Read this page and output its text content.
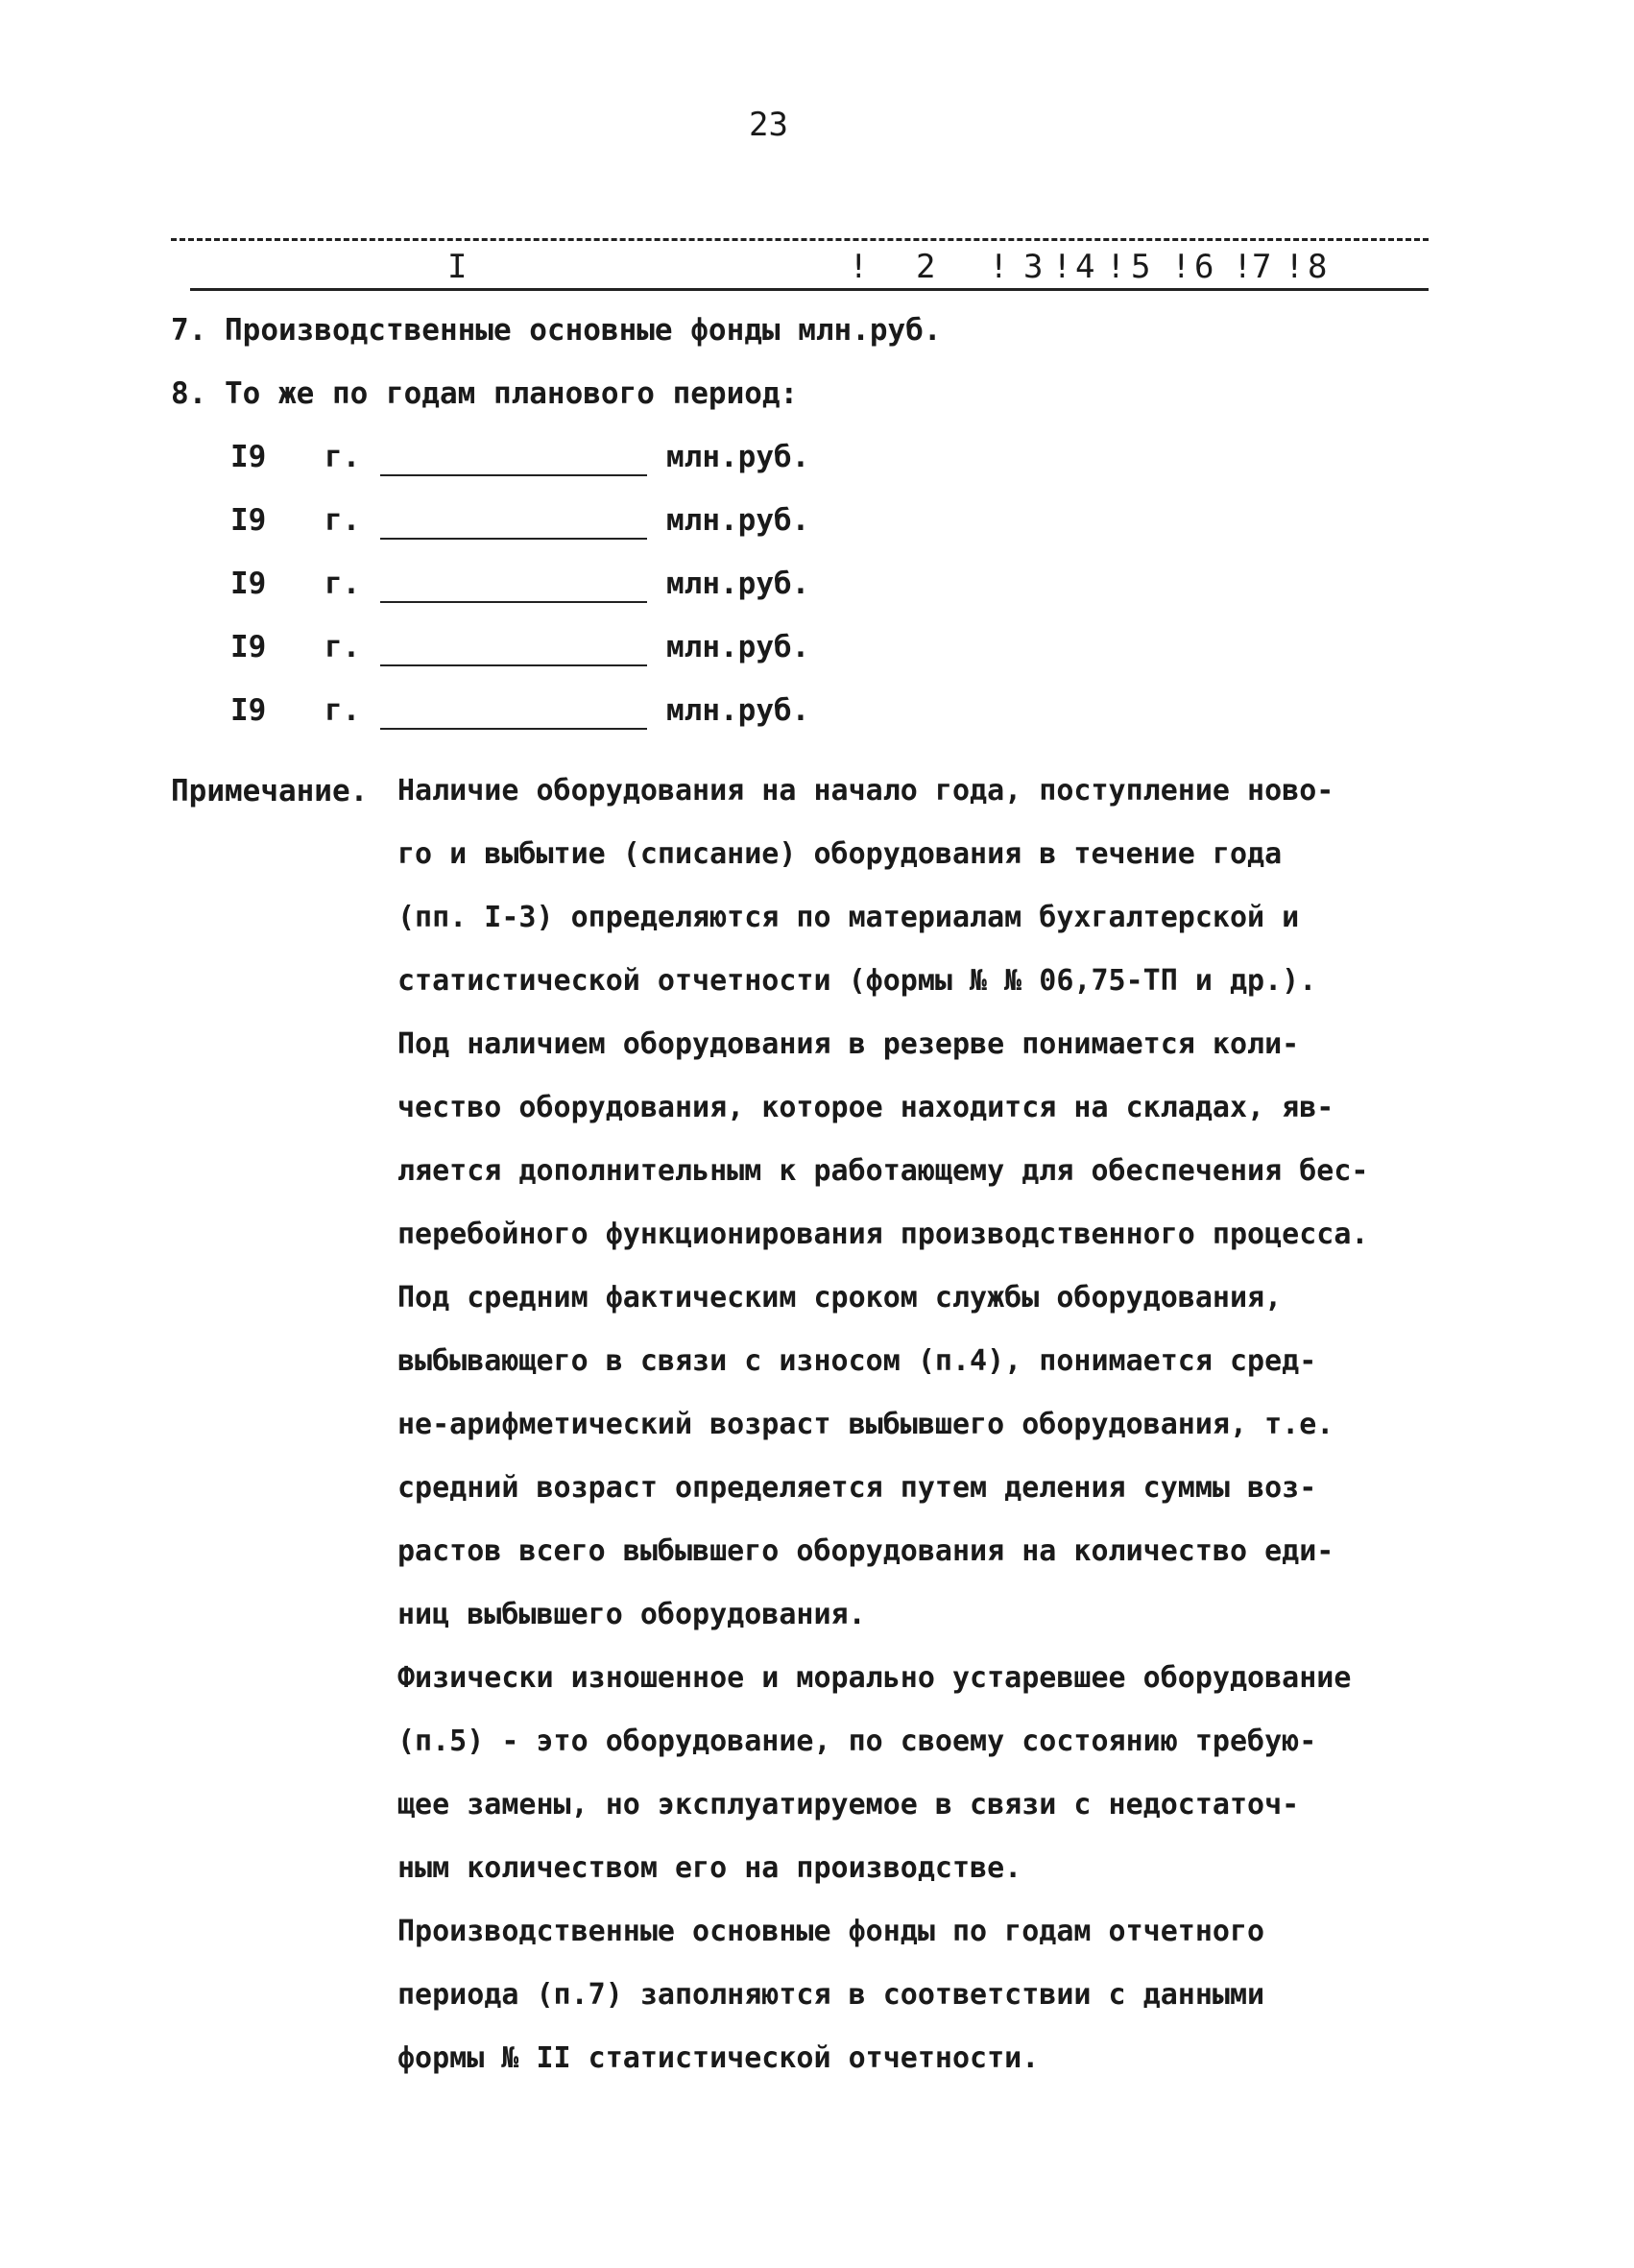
23
I	! 2 ! 3 ! 4 ! 5 ! 6 ! 7 ! 8
7. Производственные основные фонды млн.руб.
8. То же по годам планового период:
I9 г.	млн.руб.
I9 г.	млн.руб.
I9 г.	млн.руб.
I9 г.	млн.руб.
I9 г.	млн.руб.
Примечание. Наличие оборудования на начало года, поступление ново-
го и выбытие (списание) оборудования в течение года
(пп. I-3) определяются по материалам бухгалтерской и
статистической отчетности (формы № № 06,75-ТП и др.).
Под наличием оборудования в резерве понимается коли-
чество оборудования, которое находится на складах, яв-
ляется дополнительным к работающему для обеспечения бес-
перебойного функционирования производственного процесса.
Под средним фактическим сроком службы оборудования,
выбывающего в связи с износом (п.4), понимается сред-
не-арифметический возраст выбывшего оборудования, т.е.
средний возраст определяется путем деления суммы воз-
растов всего выбывшего оборудования на количество еди-
ниц выбывшего оборудования.
Физически изношенное и морально устаревшее оборудование
(п.5) - это оборудование, по своему состоянию требую-
щее замены, но эксплуатируемое в связи с недостаточ-
ным количеством его на производстве.
Производственные основные фонды по годам отчетного
периода (п.7) заполняются в соответствии с данными
формы № II статистической отчетности.
